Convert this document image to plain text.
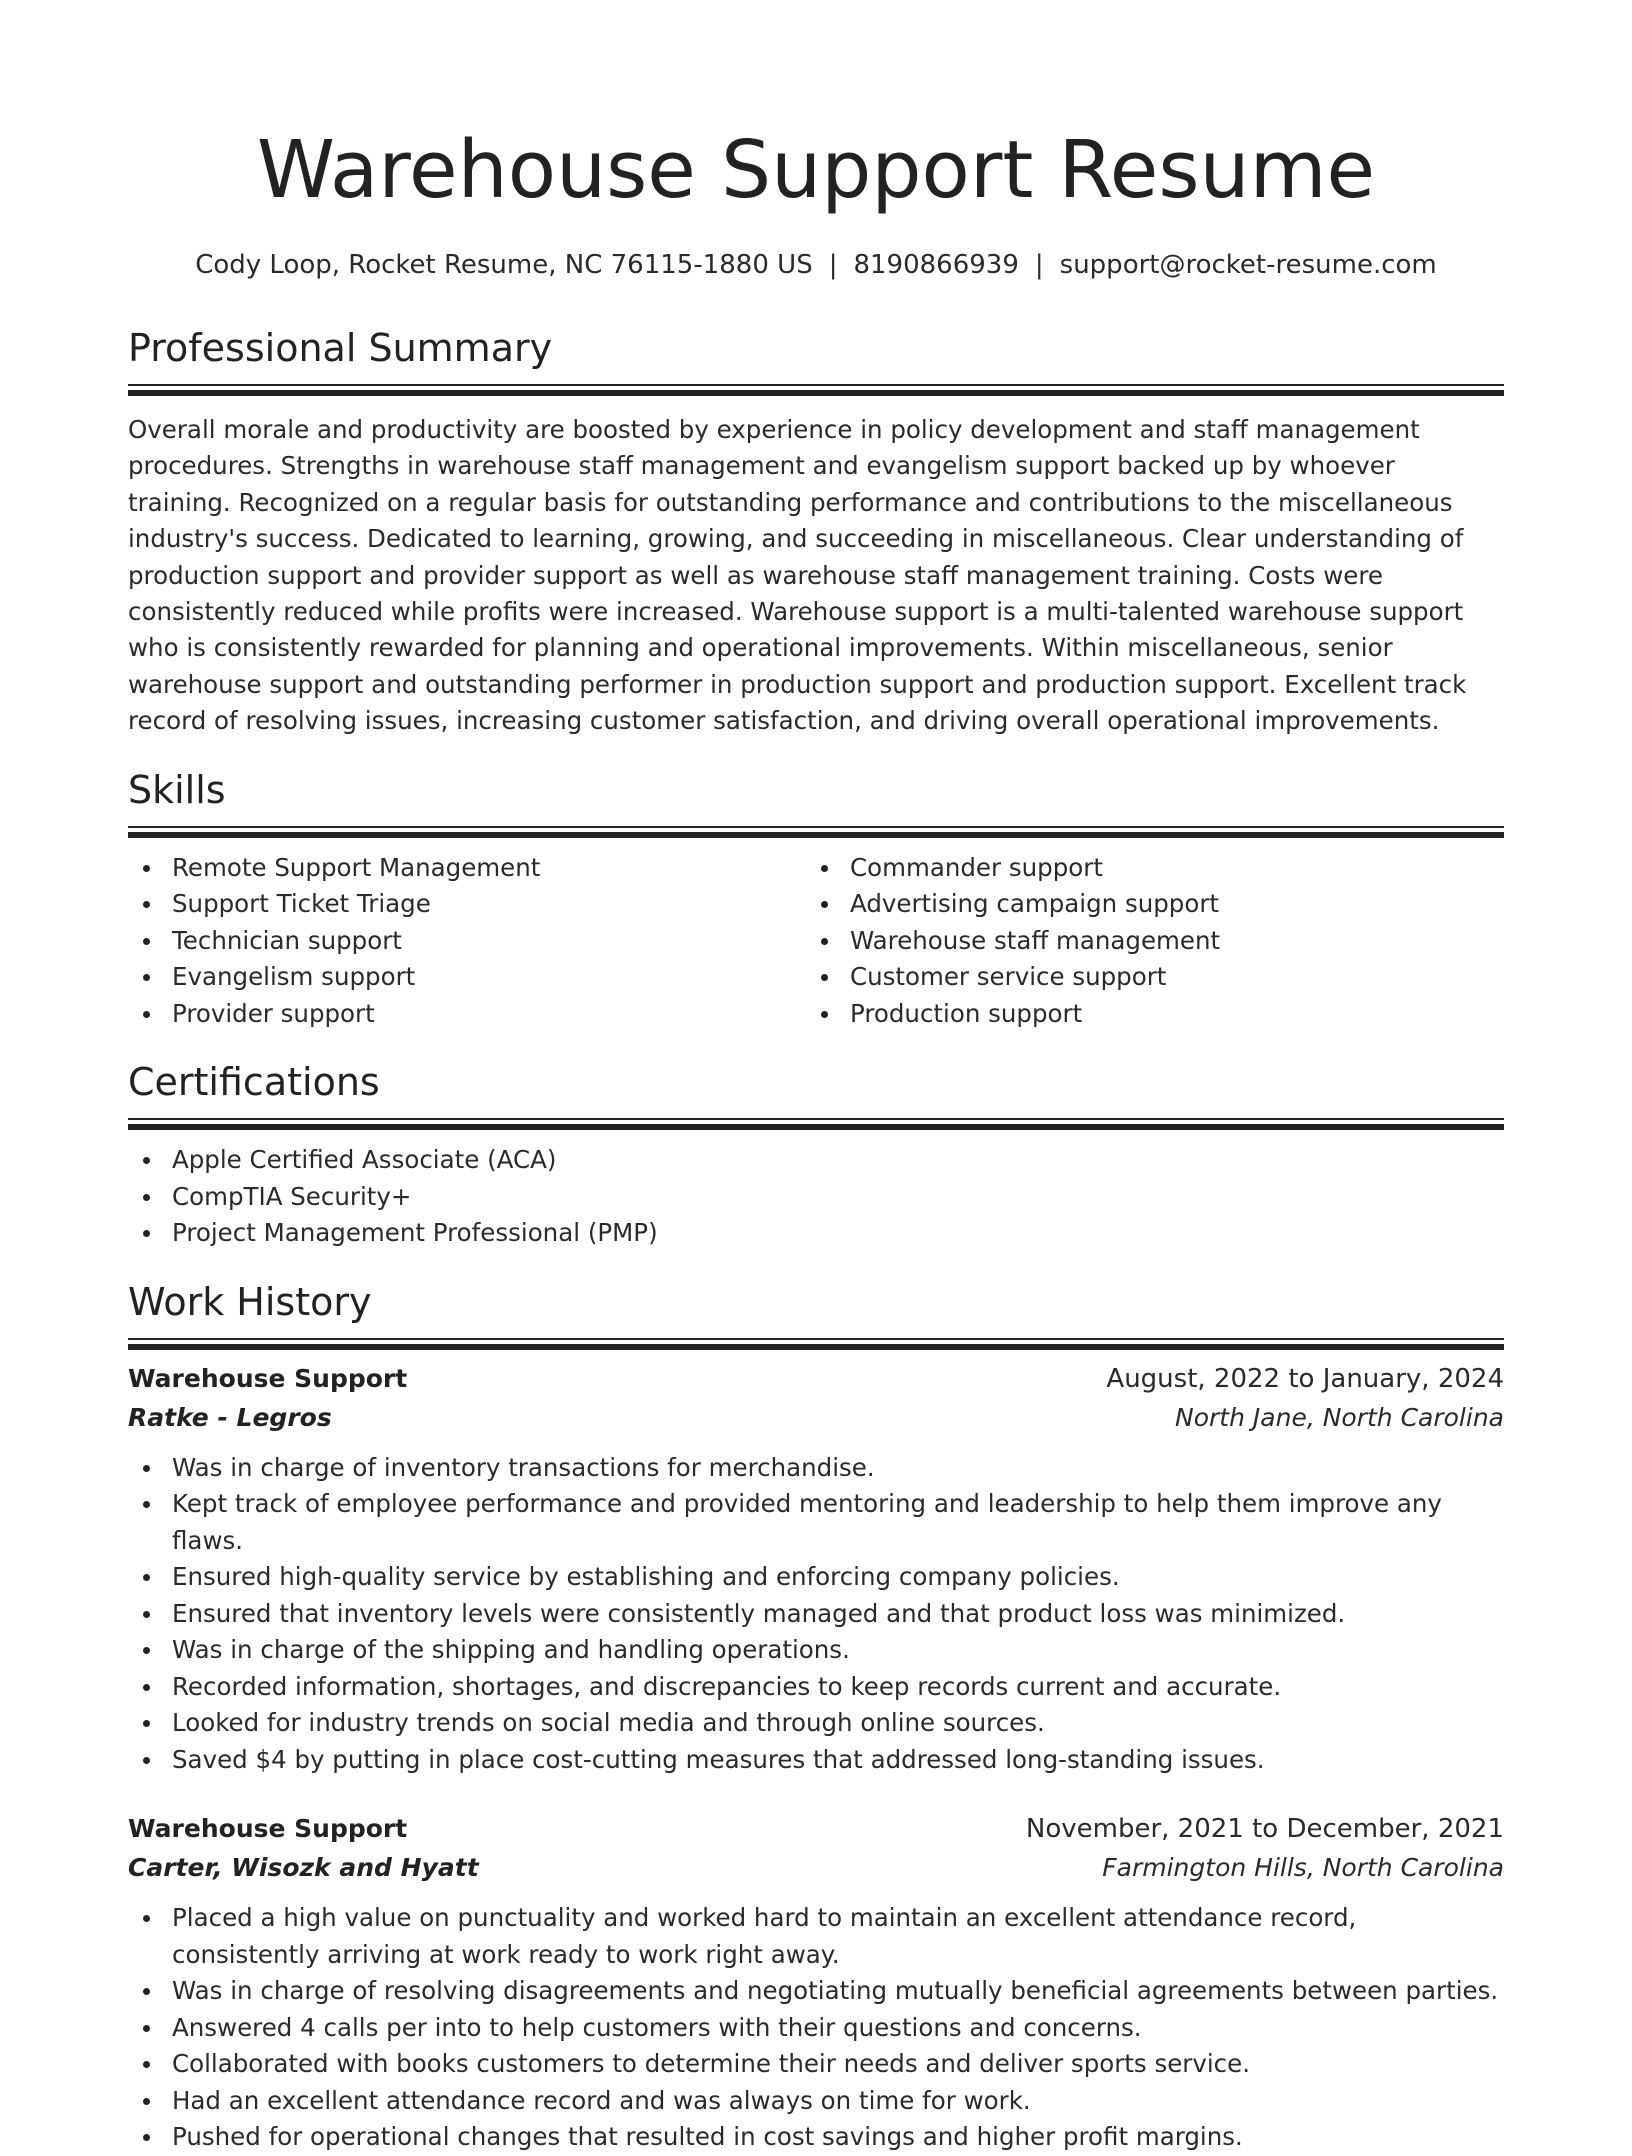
Warehouse Support Resume
Cody Loop, Rocket Resume, NC 76115-1880 US | 8190866939 | support@rocket-resume.com
Professional Summary

Overall morale and productivity are boosted by experience in policy development and staff management procedures. Strengths in warehouse staff management and evangelism support backed up by whoever training. Recognized on a regular basis for outstanding performance and contributions to the miscellaneous industry's success. Dedicated to learning, growing, and succeeding in miscellaneous. Clear understanding of production support and provider support as well as warehouse staff management training. Costs were consistently reduced while profits were increased. Warehouse support is a multi-talented warehouse support who is consistently rewarded for planning and operational improvements. Within miscellaneous, senior warehouse support and outstanding performer in production support and production support. Excellent track record of resolving issues, increasing customer satisfaction, and driving overall operational improvements.

Skills
Remote Support Management
Support Ticket Triage
Technician support
Evangelism support
Provider support
Commander support
Advertising campaign support
Warehouse staff management
Customer service support
Production support
Certifications
Apple Certified Associate (ACA)
CompTIA Security+
Project Management Professional (PMP)
Work History
Warehouse Support	August, 2022 to January, 2024
Ratke - Legros	North Jane, North Carolina
Was in charge of inventory transactions for merchandise.
Kept track of employee performance and provided mentoring and leadership to help them improve any flaws.
Ensured high-quality service by establishing and enforcing company policies.
Ensured that inventory levels were consistently managed and that product loss was minimized.
Was in charge of the shipping and handling operations.
Recorded information, shortages, and discrepancies to keep records current and accurate.
Looked for industry trends on social media and through online sources.
Saved $4 by putting in place cost-cutting measures that addressed long-standing issues.
Warehouse Support	November, 2021 to December, 2021
Carter, Wisozk and Hyatt	Farmington Hills, North Carolina
Placed a high value on punctuality and worked hard to maintain an excellent attendance record, consistently arriving at work ready to work right away.
Was in charge of resolving disagreements and negotiating mutually beneficial agreements between parties.
Answered 4 calls per into to help customers with their questions and concerns.
Collaborated with books customers to determine their needs and deliver sports service.
Had an excellent attendance record and was always on time for work.
Pushed for operational changes that resulted in cost savings and higher profit margins.
